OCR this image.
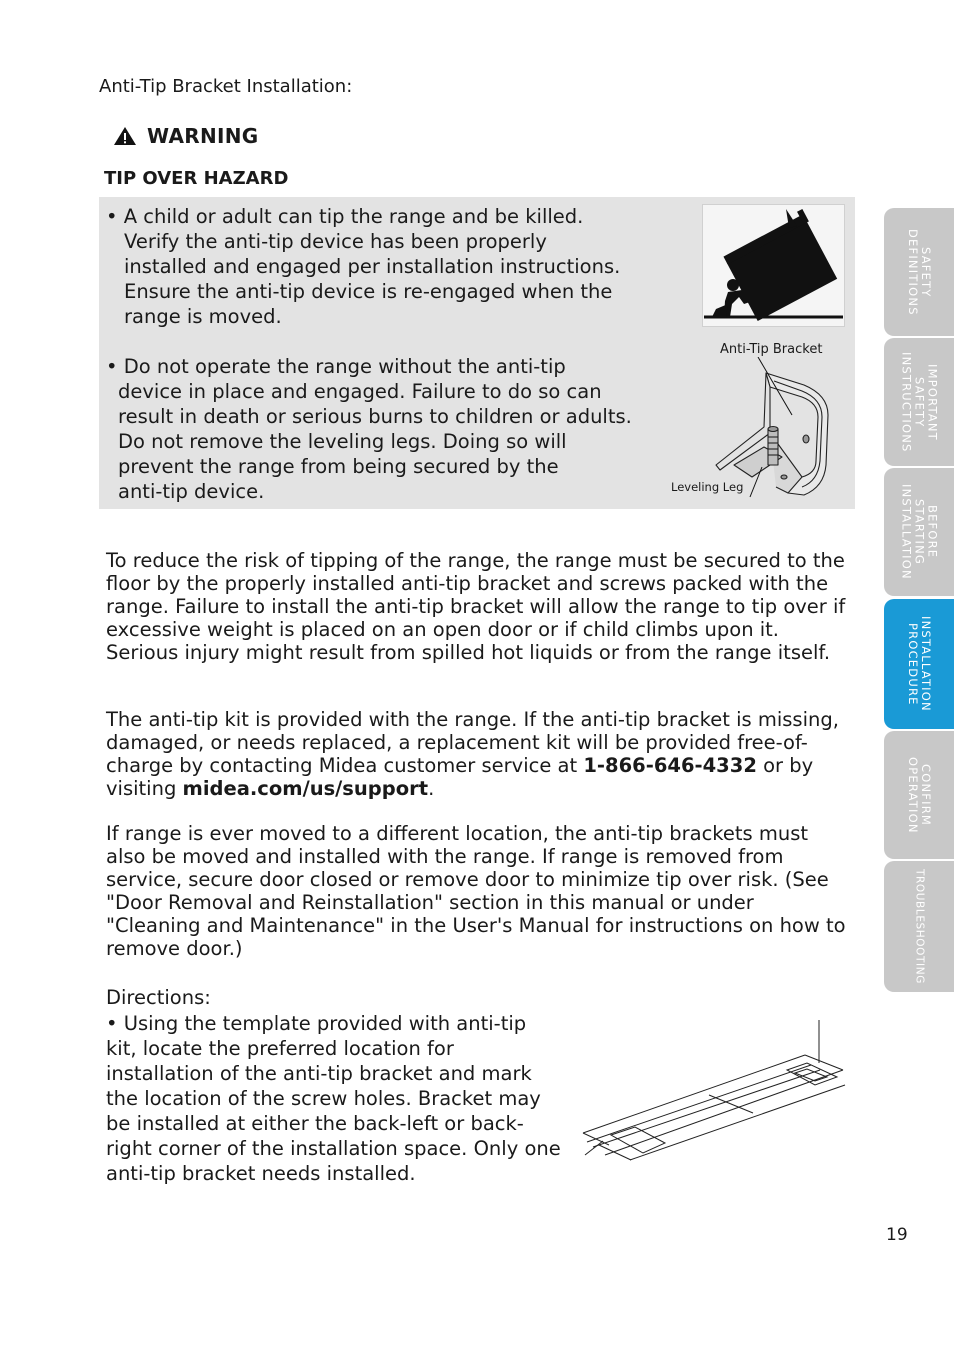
Anti-Tip Bracket Installation:
WARNING
TIP OVER HAZARD
• A child or adult can tip the range and be killed.
Verify the anti-tip device has been properly
installed and engaged per installation instructions.
Ensure the anti-tip device is re-engaged when the
range is moved.
• Do not operate the range without the anti-tip
device in place and engaged. Failure to do so can
result in death or serious burns to children or adults.
Do not remove the leveling legs. Doing so will
prevent the range from being secured by the
anti-tip device.
Anti-Tip Bracket
Leveling Leg
To reduce the risk of tipping of the range, the range must be secured to the floor by the properly installed anti-tip bracket and screws packed with the range. Failure to install the anti-tip bracket will allow the range to tip over if excessive weight is placed on an open door or if child climbs upon it. Serious injury might result from spilled hot liquids or from the range itself.
The anti-tip kit is provided with the range. If the anti-tip bracket is missing, damaged, or needs replaced, a replacement kit will be provided free-of-charge by contacting Midea customer service at 1-866-646-4332 or by visiting midea.com/us/support.
If range is ever moved to a different location, the anti-tip brackets must also be moved and installed with the range. If range is removed from service, secure door closed or remove door to minimize tip over risk. (See "Door Removal and Reinstallation" section in this manual or under "Cleaning and Maintenance" in the User's Manual for instructions on how to remove door.)
Directions:
• Using the template provided with anti-tip kit, locate the preferred location for installation of the anti-tip bracket and mark the location of the screw holes. Bracket may be installed at either the back-left or back-right corner of the installation space. Only one anti-tip bracket needs installed.
19
SAFETY
DEFINITIONS
IMPORTANT
SAFETY
INSTRUCTIONS
BEFORE
STARTING
INSTALLATION
INSTALLATION
PROCEDURE
CONFIRM
OPERATION
TROUBLESHOOTING
